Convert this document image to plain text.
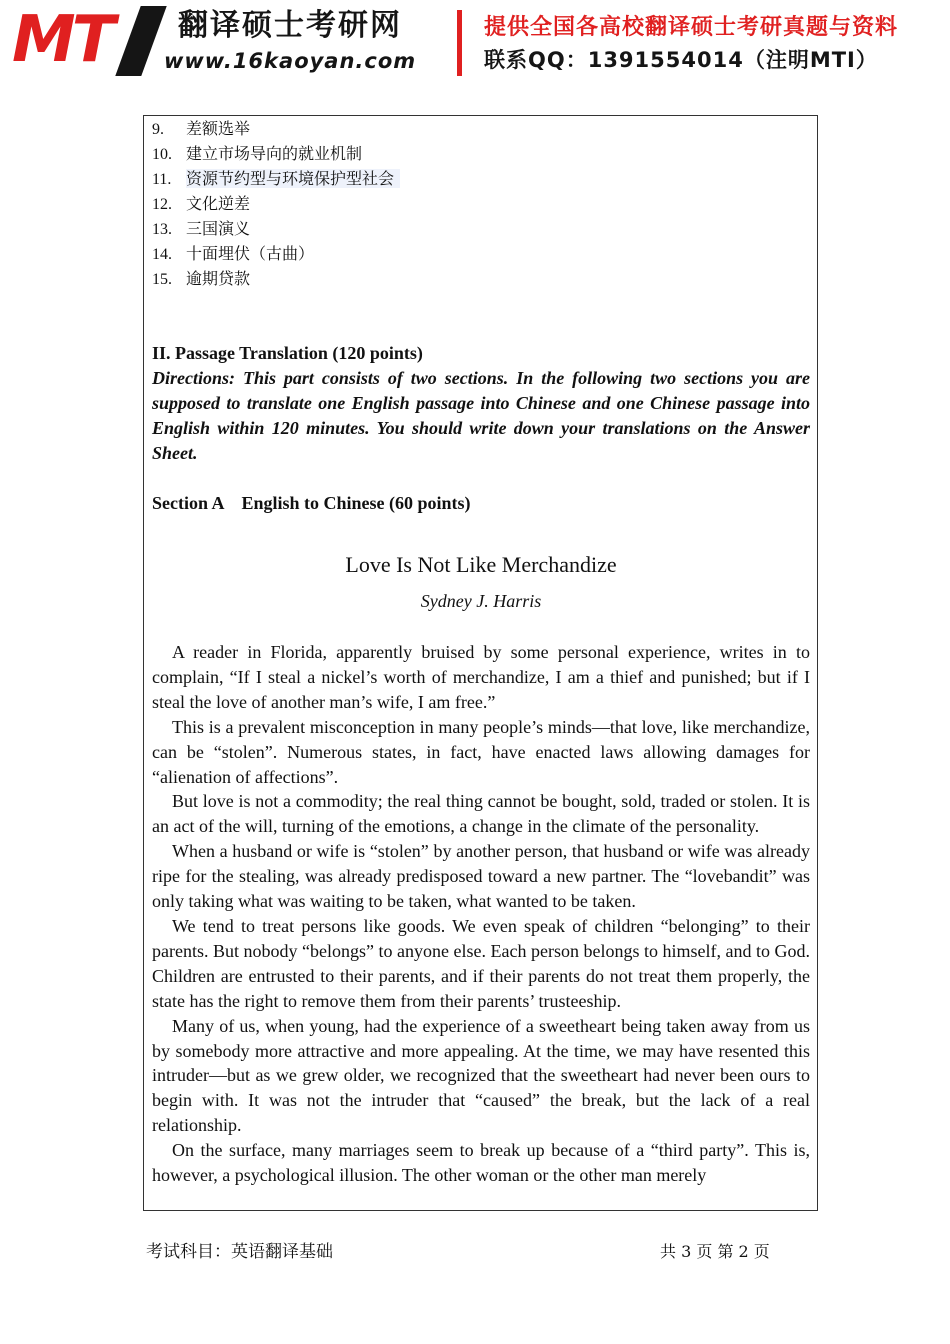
MT 翻译硕士考研网
www.16kaoyan.com
提供全国各高校翻译硕士考研真题与资料
联系QQ：1391554014（注明MTI）
9. 差额选举
10. 建立市场导向的就业机制
11. 资源节约型与环境保护型社会
12. 文化逆差
13. 三国演义
14. 十面埋伏（古曲）
15. 逾期贷款
II. Passage Translation (120 points)
Directions: This part consists of two sections. In the following two sections you are supposed to translate one English passage into Chinese and one Chinese passage into English within 120 minutes. You should write down your translations on the Answer Sheet.
Section A    English to Chinese (60 points)
Love Is Not Like Merchandize
Sydney J. Harris

A reader in Florida, apparently bruised by some personal experience, writes in to complain, “If I steal a nickel’s worth of merchandize, I am a thief and punished; but if I steal the love of another man’s wife, I am free.”

This is a prevalent misconception in many people’s minds—that love, like merchandize, can be “stolen”. Numerous states, in fact, have enacted laws allowing damages for “alienation of affections”.

But love is not a commodity; the real thing cannot be bought, sold, traded or stolen. It is an act of the will, turning of the emotions, a change in the climate of the personality.

When a husband or wife is “stolen” by another person, that husband or wife was already ripe for the stealing, was already predisposed toward a new partner. The “lovebandit” was only taking what was waiting to be taken, what wanted to be taken.

We tend to treat persons like goods. We even speak of children “belonging” to their parents. But nobody “belongs” to anyone else. Each person belongs to himself, and to God. Children are entrusted to their parents, and if their parents do not treat them properly, the state has the right to remove them from their parents’ trusteeship.

Many of us, when young, had the experience of a sweetheart being taken away from us by somebody more attractive and more appealing. At the time, we may have resented this intruder—but as we grew older, we recognized that the sweetheart had never been ours to begin with. It was not the intruder that “caused” the break, but the lack of a real relationship.

On the surface, many marriages seem to break up because of a “third party”. This is, however, a psychological illusion. The other woman or the other man merely

考试科目：英语翻译基础	共 3 页 第 2 页
